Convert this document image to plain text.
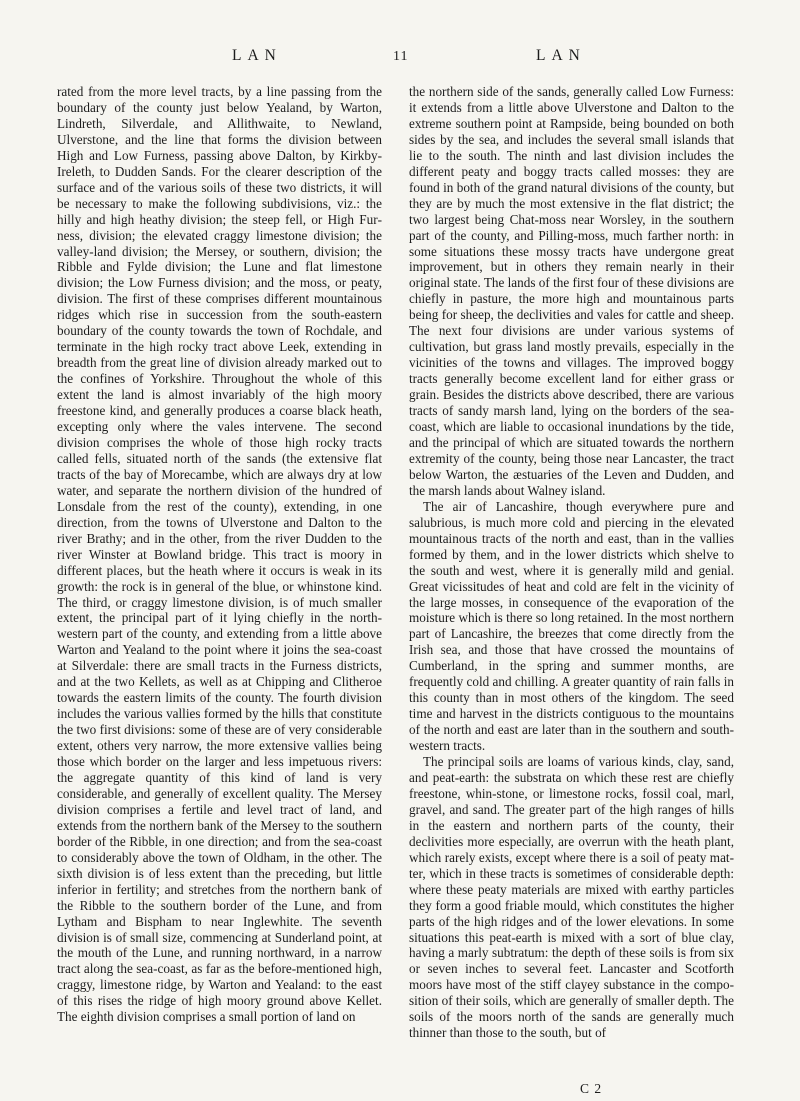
LAN	11	LAN

rated from the more level tracts, by a line passing from the boundary of the county just below Yealand, by Warton, Lindreth, Silverdale, and Allithwaite, to Newland, Ulverstone, and the line that forms the division between High and Low Furness, passing above Dalton, by Kirkby-Ireleth, to Dudden Sands. For the clearer description of the surface and of the various soils of these two districts, it will be necessary to make the following subdivisions, viz.: the hilly and high heathy division; the steep fell, or High Furness, division; the elevated craggy limestone division; the valley-land division; the Mersey, or southern, division; the Ribble and Fylde division; the Lune and flat limestone division; the Low Furness division; and the moss, or peaty, division. The first of these comprises different mountainous ridges which rise in succession from the south-eastern boundary of the county towards the town of Rochdale, and terminate in the high rocky tract above Leek, extending in breadth from the great line of division already marked out to the confines of Yorkshire. Throughout the whole of this extent the land is almost invariably of the high moory freestone kind, and generally produces a coarse black heath, excepting only where the vales intervene. The second division comprises the whole of those high rocky tracts called fells, situated north of the sands (the extensive flat tracts of the bay of Morecambe, which are always dry at low water, and separate the northern division of the hundred of Lonsdale from the rest of the county), extending, in one direction, from the towns of Ulverstone and Dalton to the river Brathy; and in the other, from the river Dudden to the river Winster at Bowland bridge. This tract is moory in different places, but the heath where it occurs is weak in its growth: the rock is in general of the blue, or whinstone kind. The third, or craggy limestone division, is of much smaller extent, the principal part of it lying chiefly in the north-western part of the county, and extending from a little above Warton and Yealand to the point where it joins the sea-coast at Silverdale: there are small tracts in the Furness districts, and at the two Kellets, as well as at Chipping and Clitheroe towards the eastern limits of the county. The fourth division includes the various vallies formed by the hills that constitute the two first divisions: some of these are of very considerable extent, others very narrow, the more extensive vallies being those which border on the larger and less impetuous rivers: the aggregate quantity of this kind of land is very considerable, and generally of excellent quality. The Mersey division comprises a fertile and level tract of land, and extends from the northern bank of the Mersey to the southern border of the Ribble, in one direction; and from the sea-coast to considerably above the town of Oldham, in the other. The sixth division is of less extent than the preceding, but little inferior in fertility; and stretches from the northern bank of the Ribble to the southern border of the Lune, and from Lytham and Bispham to near Inglewhite. The seventh division is of small size, commencing at Sunderland point, at the mouth of the Lune, and running northward, in a narrow tract along the sea-coast, as far as the before-mentioned high, craggy, limestone ridge, by Warton and Yealand: to the east of this rises the ridge of high moory ground above Kellet. The eighth division comprises a small portion of land on

the northern side of the sands, generally called Low Furness: it extends from a little above Ulverstone and Dalton to the extreme southern point at Rampside, being bounded on both sides by the sea, and includes the several small islands that lie to the south. The ninth and last division includes the different peaty and boggy tracts called mosses: they are found in both of the grand natural divisions of the county, but they are by much the most extensive in the flat district; the two largest being Chat-moss near Worsley, in the southern part of the county, and Pilling-moss, much farther north: in some situations these mossy tracts have undergone great improvement, but in others they remain nearly in their original state. The lands of the first four of these divisions are chiefly in pasture, the more high and mountainous parts being for sheep, the declivities and vales for cattle and sheep. The next four divisions are under various systems of cultivation, but grass land mostly prevails, especially in the vicinities of the towns and villages. The improved boggy tracts generally become excellent land for either grass or grain. Besides the districts above described, there are various tracts of sandy marsh land, lying on the borders of the sea-coast, which are liable to occasional inundations by the tide, and the principal of which are situated towards the northern extremity of the county, being those near Lancaster, the tract below Warton, the æstuaries of the Leven and Dudden, and the marsh lands about Walney island.

The air of Lancashire, though everywhere pure and salubrious, is much more cold and piercing in the elevated mountainous tracts of the north and east, than in the vallies formed by them, and in the lower districts which shelve to the south and west, where it is generally mild and genial. Great vicissitudes of heat and cold are felt in the vicinity of the large mosses, in consequence of the evaporation of the moisture which is there so long retained. In the most northern part of Lancashire, the breezes that come directly from the Irish sea, and those that have crossed the mountains of Cumberland, in the spring and summer months, are frequently cold and chilling. A greater quantity of rain falls in this county than in most others of the kingdom. The seed time and harvest in the districts contiguous to the mountains of the north and east are later than in the southern and south-western tracts.

The principal soils are loams of various kinds, clay, sand, and peat-earth: the substrata on which these rest are chiefly freestone, whin-stone, or limestone rocks, fossil coal, marl, gravel, and sand. The greater part of the high ranges of hills in the eastern and northern parts of the county, their declivities more especially, are overrun with the heath plant, which rarely exists, except where there is a soil of peaty matter, which in these tracts is sometimes of considerable depth: where these peaty materials are mixed with earthy particles they form a good friable mould, which constitutes the higher parts of the high ridges and of the lower elevations. In some situations this peat-earth is mixed with a sort of blue clay, having a marly subtratum: the depth of these soils is from six or seven inches to several feet. Lancaster and Scotforth moors have most of the stiff clayey substance in the composition of their soils, which are generally of smaller depth. The soils of the moors north of the sands are generally much thinner than those to the south, but of

C 2
